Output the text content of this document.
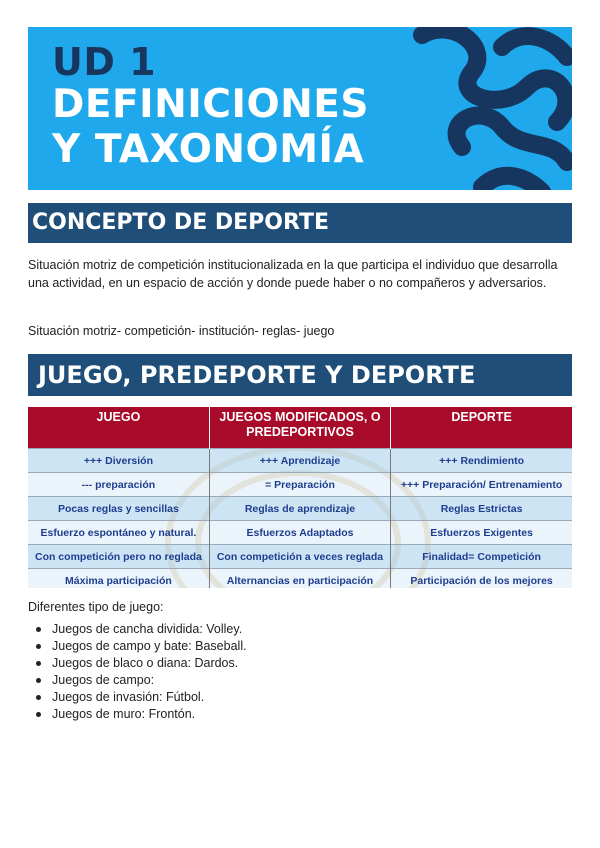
UD 1
DEFINICIONES
Y TAXONOMÍA
CONCEPTO DE DEPORTE
Situación motriz de competición institucionalizada en la que participa el individuo que desarrolla una actividad, en un espacio de acción y donde puede haber o no compañeros y adversarios.
Situación motriz- competición- institución- reglas- juego
JUEGO, PREDEPORTE Y DEPORTE
JUEGO	JUEGOS MODIFICADOS, O PREDEPORTIVOS	DEPORTE
+++ Diversión	+++ Aprendizaje	+++ Rendimiento
--- preparación	= Preparación	+++ Preparación/ Entrenamiento
Pocas reglas y sencillas	Reglas de aprendizaje	Reglas Estrictas
Esfuerzo espontáneo y natural.	Esfuerzos Adaptados	Esfuerzos Exigentes
Con competición pero no reglada	Con competición a veces reglada	Finalidad= Competición
Máxima participación	Alternancias en participación	Participación de los mejores
Diferentes tipo de juego:
Juegos de cancha dividida: Volley.
Juegos de campo y bate: Baseball.
Juegos de blaco o diana: Dardos.
Juegos de campo:
Juegos de invasión: Fútbol.
Juegos de muro: Frontón.
